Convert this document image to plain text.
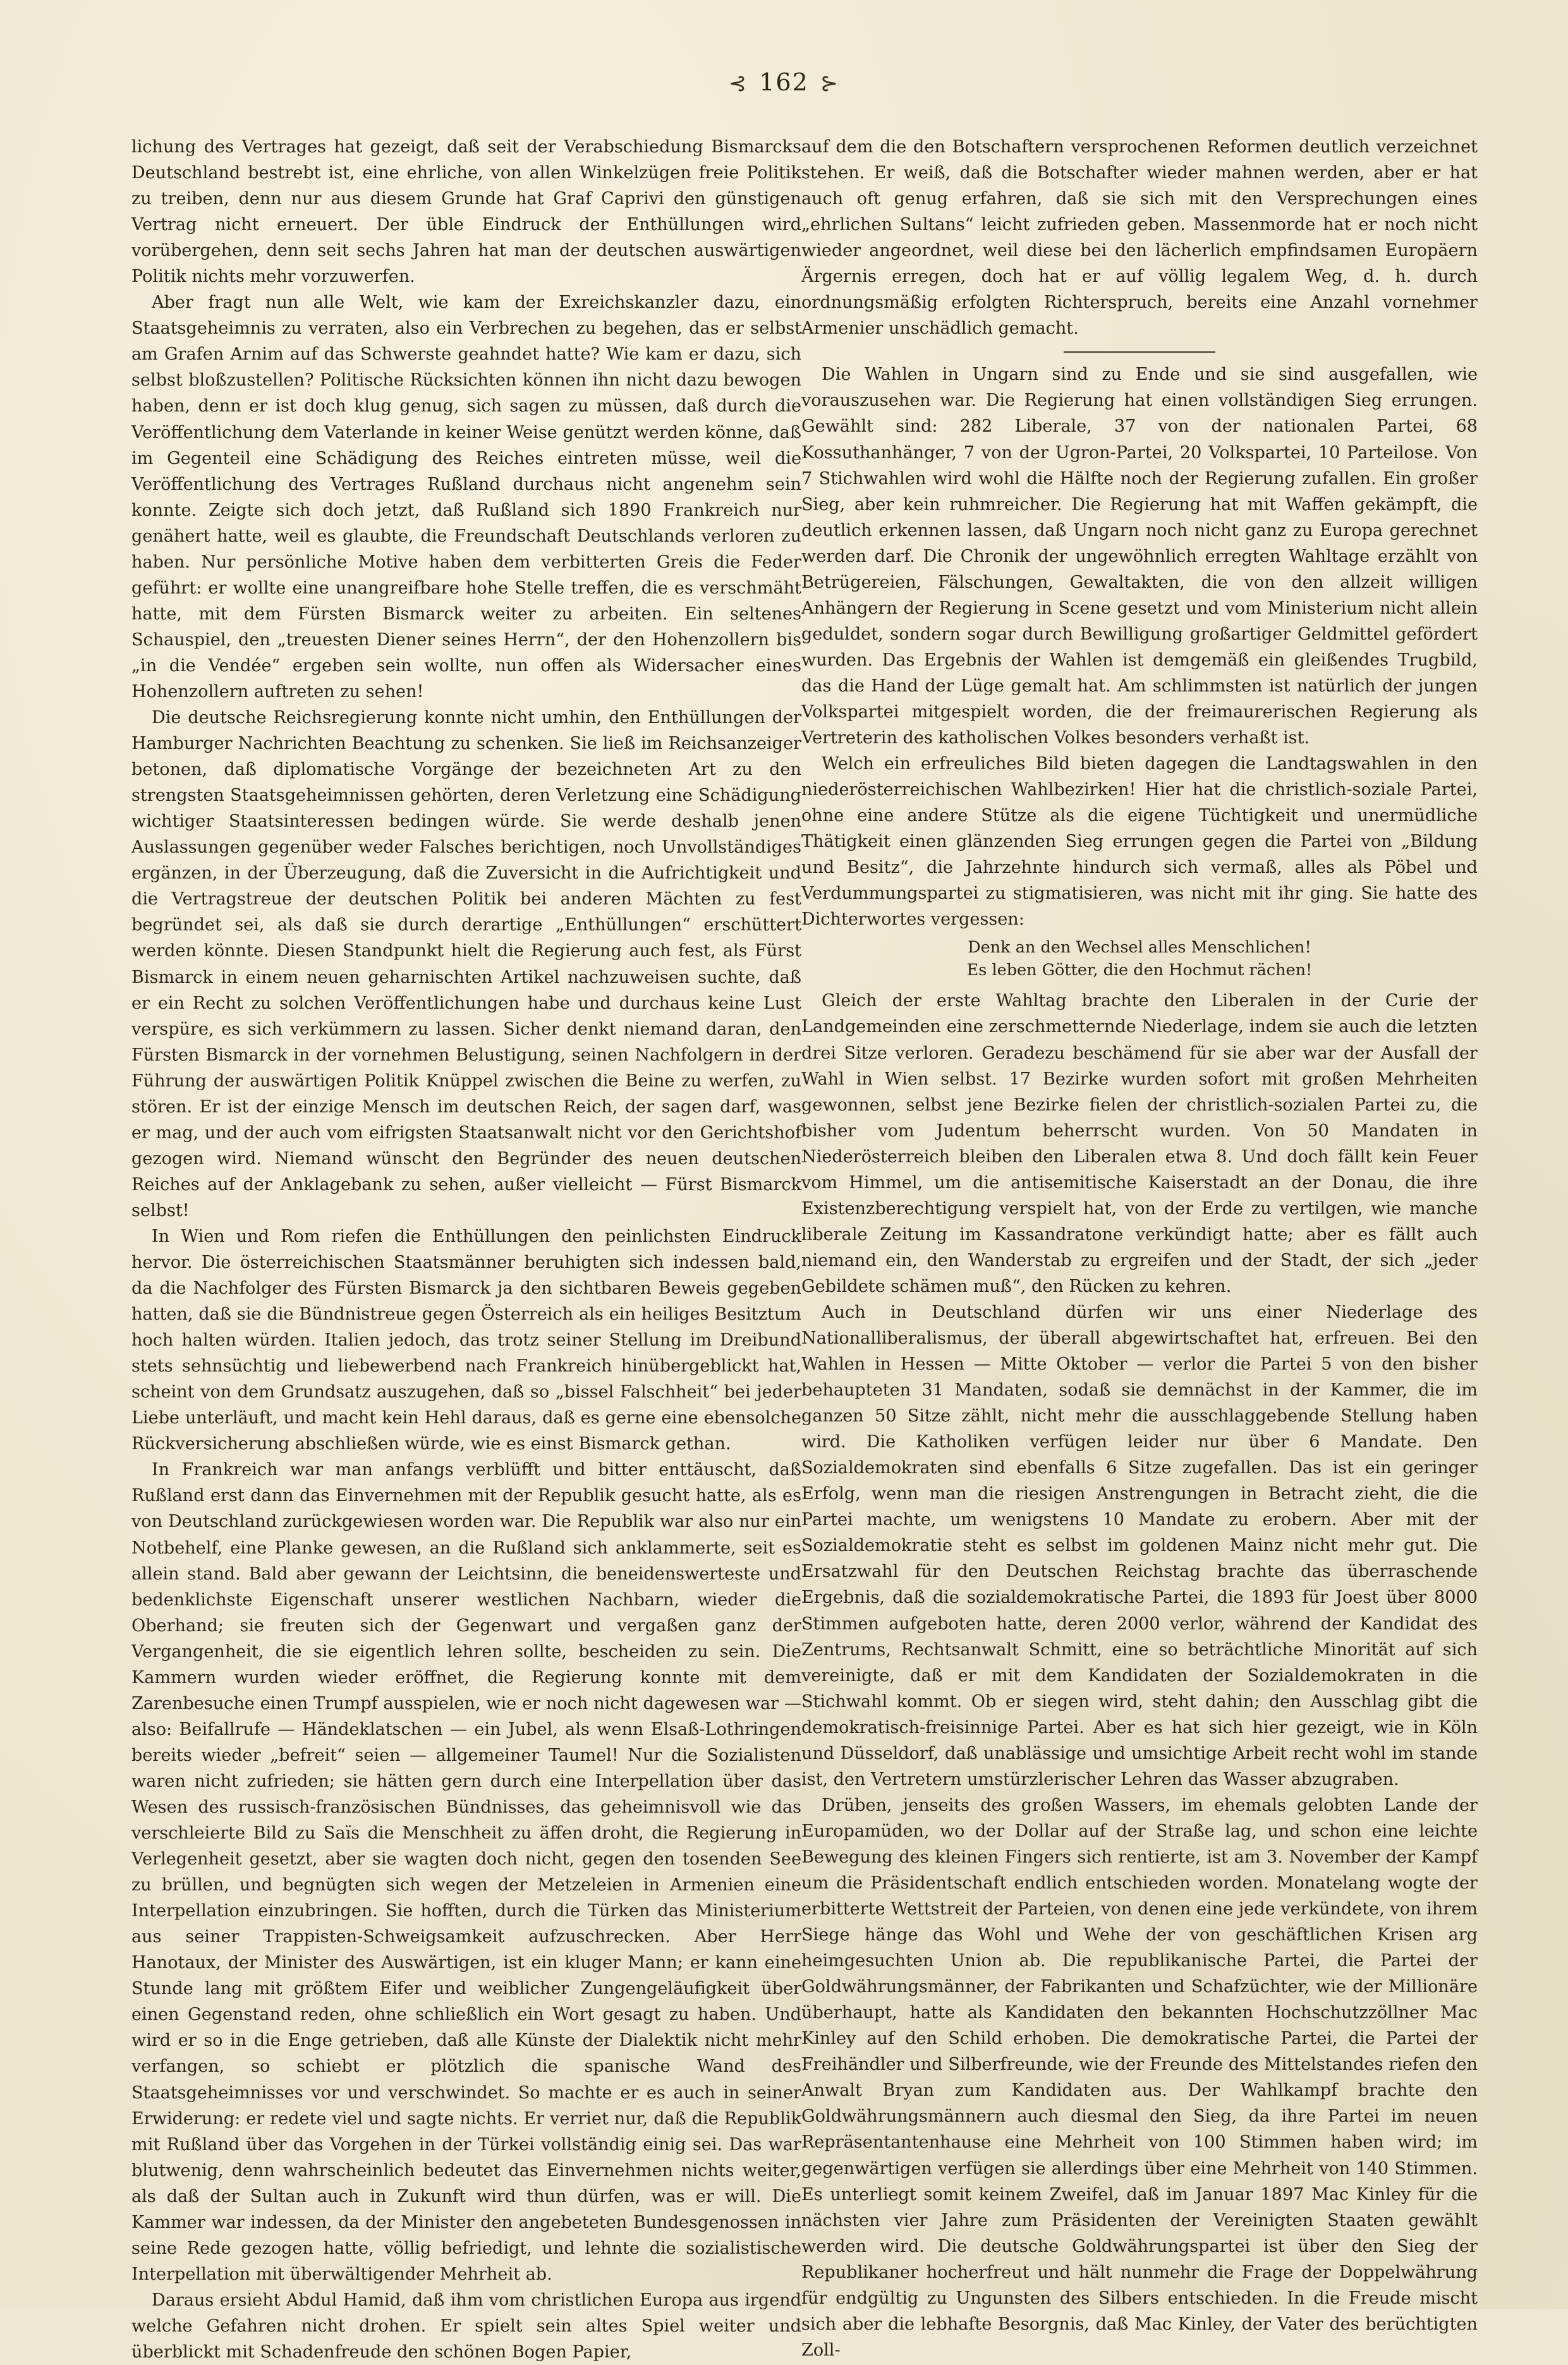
⊰ 162 ⊱

lichung des Vertrages hat gezeigt, daß seit der Verabschiedung Bismarcks Deutschland bestrebt ist, eine ehrliche, von allen Winkelzügen freie Politik zu treiben, denn nur aus diesem Grunde hat Graf Caprivi den günstigen Vertrag nicht erneuert. Der üble Eindruck der Enthüllungen wird vorübergehen, denn seit sechs Jahren hat man der deutschen auswärtigen Politik nichts mehr vorzuwerfen.

Aber fragt nun alle Welt, wie kam der Exreichskanzler dazu, ein Staatsgeheimnis zu verraten, also ein Verbrechen zu begehen, das er selbst am Grafen Arnim auf das Schwerste geahndet hatte? Wie kam er dazu, sich selbst bloßzustellen? Politische Rücksichten können ihn nicht dazu bewogen haben, denn er ist doch klug genug, sich sagen zu müssen, daß durch die Veröffentlichung dem Vaterlande in keiner Weise genützt werden könne, daß im Gegenteil eine Schädigung des Reiches eintreten müsse, weil die Veröffentlichung des Vertrages Rußland durchaus nicht angenehm sein konnte. Zeigte sich doch jetzt, daß Rußland sich 1890 Frankreich nur genähert hatte, weil es glaubte, die Freundschaft Deutschlands verloren zu haben. Nur persönliche Motive haben dem verbitterten Greis die Feder geführt: er wollte eine unangreifbare hohe Stelle treffen, die es verschmäht hatte, mit dem Fürsten Bismarck weiter zu arbeiten. Ein seltenes Schauspiel, den „treuesten Diener seines Herrn“, der den Hohenzollern bis „in die Vendée“ ergeben sein wollte, nun offen als Widersacher eines Hohenzollern auftreten zu sehen!

Die deutsche Reichsregierung konnte nicht umhin, den Enthüllungen der Hamburger Nachrichten Beachtung zu schenken. Sie ließ im Reichsanzeiger betonen, daß diplomatische Vorgänge der bezeichneten Art zu den strengsten Staatsgeheimnissen gehörten, deren Verletzung eine Schädigung wichtiger Staatsinteressen bedingen würde. Sie werde deshalb jenen Auslassungen gegenüber weder Falsches berichtigen, noch Unvollständiges ergänzen, in der Überzeugung, daß die Zuversicht in die Aufrichtigkeit und die Vertragstreue der deutschen Politik bei anderen Mächten zu fest begründet sei, als daß sie durch derartige „Enthüllungen“ erschüttert werden könnte. Diesen Standpunkt hielt die Regierung auch fest, als Fürst Bismarck in einem neuen geharnischten Artikel nachzuweisen suchte, daß er ein Recht zu solchen Veröffentlichungen habe und durchaus keine Lust verspüre, es sich verkümmern zu lassen. Sicher denkt niemand daran, den Fürsten Bismarck in der vornehmen Belustigung, seinen Nachfolgern in der Führung der auswärtigen Politik Knüppel zwischen die Beine zu werfen, zu stören. Er ist der einzige Mensch im deutschen Reich, der sagen darf, was er mag, und der auch vom eifrigsten Staatsanwalt nicht vor den Gerichtshof gezogen wird. Niemand wünscht den Begründer des neuen deutschen Reiches auf der Anklagebank zu sehen, außer vielleicht — Fürst Bismarck selbst!

In Wien und Rom riefen die Enthüllungen den peinlichsten Eindruck hervor. Die österreichischen Staatsmänner beruhigten sich indessen bald, da die Nachfolger des Fürsten Bismarck ja den sichtbaren Beweis gegeben hatten, daß sie die Bündnistreue gegen Österreich als ein heiliges Besitztum hoch halten würden. Italien jedoch, das trotz seiner Stellung im Dreibund stets sehnsüchtig und liebewerbend nach Frankreich hinübergeblickt hat, scheint von dem Grundsatz auszugehen, daß so „bissel Falschheit“ bei jeder Liebe unterläuft, und macht kein Hehl daraus, daß es gerne eine ebensolche Rückversicherung abschließen würde, wie es einst Bismarck gethan.

In Frankreich war man anfangs verblüfft und bitter enttäuscht, daß Rußland erst dann das Einvernehmen mit der Republik gesucht hatte, als es von Deutschland zurückgewiesen worden war. Die Republik war also nur ein Notbehelf, eine Planke gewesen, an die Rußland sich anklammerte, seit es allein stand. Bald aber gewann der Leichtsinn, die beneidenswerteste und bedenklichste Eigenschaft unserer westlichen Nachbarn, wieder die Oberhand; sie freuten sich der Gegenwart und vergaßen ganz der Vergangenheit, die sie eigentlich lehren sollte, bescheiden zu sein. Die Kammern wurden wieder eröffnet, die Regierung konnte mit dem Zarenbesuche einen Trumpf ausspielen, wie er noch nicht dagewesen war — also: Beifallrufe — Händeklatschen — ein Jubel, als wenn Elsaß-Lothringen bereits wieder „befreit“ seien — allgemeiner Taumel! Nur die Sozialisten waren nicht zufrieden; sie hätten gern durch eine Interpellation über das Wesen des russisch-französischen Bündnisses, das geheimnisvoll wie das verschleierte Bild zu Saïs die Menschheit zu äffen droht, die Regierung in Verlegenheit gesetzt, aber sie wagten doch nicht, gegen den tosenden See zu brüllen, und begnügten sich wegen der Metzeleien in Armenien eine Interpellation einzubringen. Sie hofften, durch die Türken das Ministerium aus seiner Trappisten-Schweigsamkeit aufzuschrecken. Aber Herr Hanotaux, der Minister des Auswärtigen, ist ein kluger Mann; er kann eine Stunde lang mit größtem Eifer und weiblicher Zungengeläufigkeit über einen Gegenstand reden, ohne schließlich ein Wort gesagt zu haben. Und wird er so in die Enge getrieben, daß alle Künste der Dialektik nicht mehr verfangen, so schiebt er plötzlich die spanische Wand des Staatsgeheimnisses vor und verschwindet. So machte er es auch in seiner Erwiderung: er redete viel und sagte nichts. Er verriet nur, daß die Republik mit Rußland über das Vorgehen in der Türkei vollständig einig sei. Das war blutwenig, denn wahrscheinlich bedeutet das Einvernehmen nichts weiter, als daß der Sultan auch in Zukunft wird thun dürfen, was er will. Die Kammer war indessen, da der Minister den angebeteten Bundesgenossen in seine Rede gezogen hatte, völlig befriedigt, und lehnte die sozialistische Interpellation mit überwältigender Mehrheit ab.

Daraus ersieht Abdul Hamid, daß ihm vom christlichen Europa aus irgend welche Gefahren nicht drohen. Er spielt sein altes Spiel weiter und überblickt mit Schadenfreude den schönen Bogen Papier,

auf dem die den Botschaftern versprochenen Reformen deutlich verzeichnet stehen. Er weiß, daß die Botschafter wieder mahnen werden, aber er hat auch oft genug erfahren, daß sie sich mit den Versprechungen eines „ehrlichen Sultans“ leicht zufrieden geben. Massenmorde hat er noch nicht wieder angeordnet, weil diese bei den lächerlich empfindsamen Europäern Ärgernis erregen, doch hat er auf völlig legalem Weg, d. h. durch ordnungsmäßig erfolgten Richterspruch, bereits eine Anzahl vornehmer Armenier unschädlich gemacht.

Die Wahlen in Ungarn sind zu Ende und sie sind ausgefallen, wie vorauszusehen war. Die Regierung hat einen vollständigen Sieg errungen. Gewählt sind: 282 Liberale, 37 von der nationalen Partei, 68 Kossuthanhänger, 7 von der Ugron-Partei, 20 Volkspartei, 10 Parteilose. Von 7 Stichwahlen wird wohl die Hälfte noch der Regierung zufallen. Ein großer Sieg, aber kein ruhmreicher. Die Regierung hat mit Waffen gekämpft, die deutlich erkennen lassen, daß Ungarn noch nicht ganz zu Europa gerechnet werden darf. Die Chronik der ungewöhnlich erregten Wahltage erzählt von Betrügereien, Fälschungen, Gewaltakten, die von den allzeit willigen Anhängern der Regierung in Scene gesetzt und vom Ministerium nicht allein geduldet, sondern sogar durch Bewilligung großartiger Geldmittel gefördert wurden. Das Ergebnis der Wahlen ist demgemäß ein gleißendes Trugbild, das die Hand der Lüge gemalt hat. Am schlimmsten ist natürlich der jungen Volkspartei mitgespielt worden, die der freimaurerischen Regierung als Vertreterin des katholischen Volkes besonders verhaßt ist.

Welch ein erfreuliches Bild bieten dagegen die Landtagswahlen in den niederösterreichischen Wahlbezirken! Hier hat die christlich-soziale Partei, ohne eine andere Stütze als die eigene Tüchtigkeit und unermüdliche Thätigkeit einen glänzenden Sieg errungen gegen die Partei von „Bildung und Besitz“, die Jahrzehnte hindurch sich vermaß, alles als Pöbel und Verdummungspartei zu stigmatisieren, was nicht mit ihr ging. Sie hatte des Dichterwortes vergessen:

Denk an den Wechsel alles Menschlichen!
Es leben Götter, die den Hochmut rächen!

Gleich der erste Wahltag brachte den Liberalen in der Curie der Landgemeinden eine zerschmetternde Niederlage, indem sie auch die letzten drei Sitze verloren. Geradezu beschämend für sie aber war der Ausfall der Wahl in Wien selbst. 17 Bezirke wurden sofort mit großen Mehrheiten gewonnen, selbst jene Bezirke fielen der christlich-sozialen Partei zu, die bisher vom Judentum beherrscht wurden. Von 50 Mandaten in Niederösterreich bleiben den Liberalen etwa 8. Und doch fällt kein Feuer vom Himmel, um die antisemitische Kaiserstadt an der Donau, die ihre Existenzberechtigung verspielt hat, von der Erde zu vertilgen, wie manche liberale Zeitung im Kassandratone verkündigt hatte; aber es fällt auch niemand ein, den Wanderstab zu ergreifen und der Stadt, der sich „jeder Gebildete schämen muß“, den Rücken zu kehren.

Auch in Deutschland dürfen wir uns einer Niederlage des Nationalliberalismus, der überall abgewirtschaftet hat, erfreuen. Bei den Wahlen in Hessen — Mitte Oktober — verlor die Partei 5 von den bisher behaupteten 31 Mandaten, sodaß sie demnächst in der Kammer, die im ganzen 50 Sitze zählt, nicht mehr die ausschlaggebende Stellung haben wird. Die Katholiken verfügen leider nur über 6 Mandate. Den Sozialdemokraten sind ebenfalls 6 Sitze zugefallen. Das ist ein geringer Erfolg, wenn man die riesigen Anstrengungen in Betracht zieht, die die Partei machte, um wenigstens 10 Mandate zu erobern. Aber mit der Sozialdemokratie steht es selbst im goldenen Mainz nicht mehr gut. Die Ersatzwahl für den Deutschen Reichstag brachte das überraschende Ergebnis, daß die sozialdemokratische Partei, die 1893 für Joest über 8000 Stimmen aufgeboten hatte, deren 2000 verlor, während der Kandidat des Zentrums, Rechtsanwalt Schmitt, eine so beträchtliche Minorität auf sich vereinigte, daß er mit dem Kandidaten der Sozialdemokraten in die Stichwahl kommt. Ob er siegen wird, steht dahin; den Ausschlag gibt die demokratisch-freisinnige Partei. Aber es hat sich hier gezeigt, wie in Köln und Düsseldorf, daß unablässige und umsichtige Arbeit recht wohl im stande ist, den Vertretern umstürzlerischer Lehren das Wasser abzugraben.

Drüben, jenseits des großen Wassers, im ehemals gelobten Lande der Europamüden, wo der Dollar auf der Straße lag, und schon eine leichte Bewegung des kleinen Fingers sich rentierte, ist am 3. November der Kampf um die Präsidentschaft endlich entschieden worden. Monatelang wogte der erbitterte Wettstreit der Parteien, von denen eine jede verkündete, von ihrem Siege hänge das Wohl und Wehe der von geschäftlichen Krisen arg heimgesuchten Union ab. Die republikanische Partei, die Partei der Goldwährungsmänner, der Fabrikanten und Schafzüchter, wie der Millionäre überhaupt, hatte als Kandidaten den bekannten Hochschutzzöllner Mac Kinley auf den Schild erhoben. Die demokratische Partei, die Partei der Freihändler und Silberfreunde, wie der Freunde des Mittelstandes riefen den Anwalt Bryan zum Kandidaten aus. Der Wahlkampf brachte den Goldwährungsmännern auch diesmal den Sieg, da ihre Partei im neuen Repräsentantenhause eine Mehrheit von 100 Stimmen haben wird; im gegenwärtigen verfügen sie allerdings über eine Mehrheit von 140 Stimmen. Es unterliegt somit keinem Zweifel, daß im Januar 1897 Mac Kinley für die nächsten vier Jahre zum Präsidenten der Vereinigten Staaten gewählt werden wird. Die deutsche Goldwährungspartei ist über den Sieg der Republikaner hocherfreut und hält nunmehr die Frage der Doppelwährung für endgültig zu Ungunsten des Silbers entschieden. In die Freude mischt sich aber die lebhafte Besorgnis, daß Mac Kinley, der Vater des berüchtigten Zoll-
